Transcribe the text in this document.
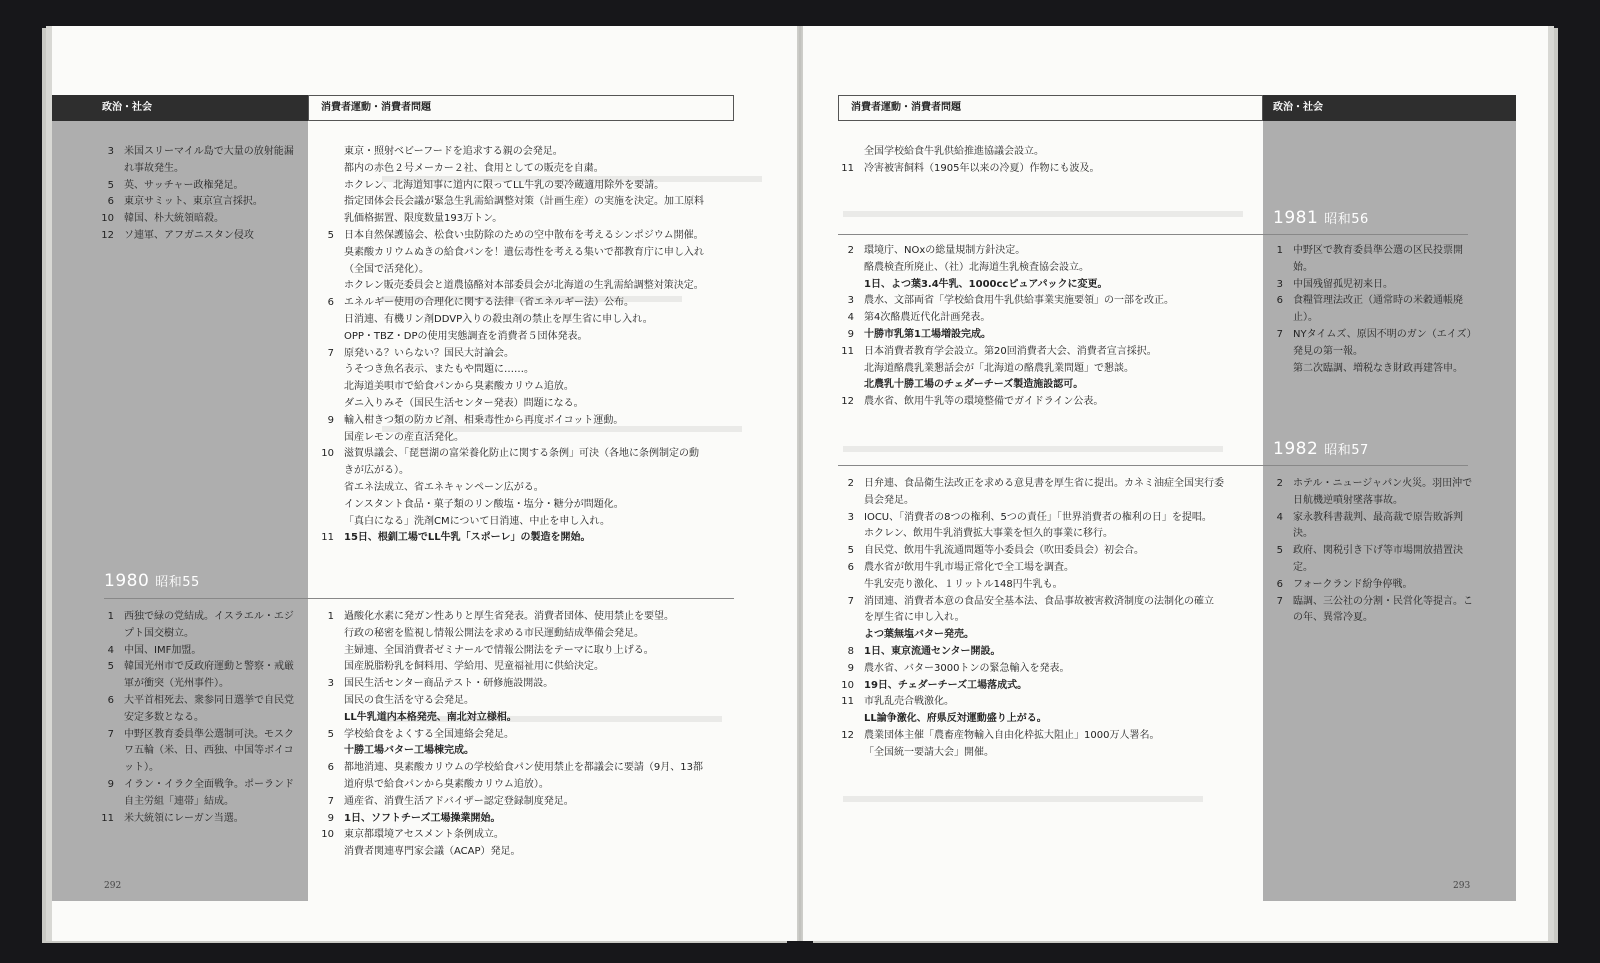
政治・社会	消費者運動・消費者問題
3	米国スリーマイル島で大量の放射能漏れ事故発生。
5	英、サッチャー政権発足。
6	東京サミット、東京宣言採択。
10	韓国、朴大統領暗殺。
12	ソ連軍、アフガニスタン侵攻
東京・照射ベビーフードを追求する親の会発足。
都内の赤色２号メーカー２社、食用としての販売を自粛。
ホクレン、北海道知事に道内に限ってLL牛乳の要冷蔵適用除外を要請。
指定団体会長会議が緊急生乳需給調整対策（計画生産）の実施を決定。加工原料
乳価格据置、限度数量193万トン。
5	日本自然保護協会、松食い虫防除のための空中散布を考えるシンポジウム開催。
臭素酸カリウムぬきの給食パンを！遺伝毒性を考える集いで都教育庁に申し入れ
（全国で活発化）。
ホクレン販売委員会と道農協酪対本部委員会が北海道の生乳需給調整対策決定。
6	エネルギー使用の合理化に関する法律（省エネルギー法）公布。
日消連、有機リン剤DDVP入りの殺虫剤の禁止を厚生省に申し入れ。
OPP・TBZ・DPの使用実態調査を消費者５団体発表。
7	原発いる？いらない？国民大討論会。
うそつき魚名表示、またもや問題に……。
北海道美唄市で給食パンから臭素酸カリウム追放。
ダニ入りみそ（国民生活センター発表）問題になる。
9	輸入柑きつ類の防カビ剤、相乗毒性から再度ボイコット運動。
国産レモンの産直活発化。
10	滋賀県議会、「琵琶湖の富栄養化防止に関する条例」可決（各地に条例制定の動
きが広がる）。
省エネ法成立、省エネキャンペーン広がる。
インスタント食品・菓子類のリン酸塩・塩分・糖分が問題化。
「真白になる」洗剤CMについて日消連、中止を申し入れ。
11	15日、根釧工場でLL牛乳「スポーレ」の製造を開始。
1980 昭和55
1	西独で緑の党結成。イスラエル・エジプト国交樹立。
4	中国、IMF加盟。
5	韓国光州市で反政府運動と警察・戒厳軍が衝突（光州事件）。
6	大平首相死去、衆参同日選挙で自民党安定多数となる。
7	中野区教育委員準公選制可決。モスクワ五輪（米、日、西独、中国等ボイコット）。
9	イラン・イラク全面戦争。ポーランド自主労組「連帯」結成。
11	米大統領にレーガン当選。
1	過酸化水素に発ガン性ありと厚生省発表。消費者団体、使用禁止を要望。
行政の秘密を監視し情報公開法を求める市民運動結成準備会発足。
主婦連、全国消費者ゼミナールで情報公開法をテーマに取り上げる。
国産脱脂粉乳を飼料用、学給用、児童福祉用に供給決定。
3	国民生活センター商品テスト・研修施設開設。
国民の食生活を守る会発足。
LL牛乳道内本格発売、南北対立様相。
5	学校給食をよくする全国連絡会発足。
十勝工場バター工場棟完成。
6	都地消連、臭素酸カリウムの学校給食パン使用禁止を都議会に要請（9月、13都
道府県で給食パンから臭素酸カリウム追放）。
7	通産省、消費生活アドバイザー認定登録制度発足。
9	1日、ソフトチーズ工場操業開始。
10	東京都環境アセスメント条例成立。
消費者関連専門家会議（ACAP）発足。
292
消費者運動・消費者問題	政治・社会
全国学校給食牛乳供給推進協議会設立。
11	冷害被害飼料（1905年以来の冷夏）作物にも波及。
1981 昭和56
2	環境庁、NOxの総量規制方針決定。
酪農検査所廃止、（社）北海道生乳検査協会設立。
1日、よつ葉3.4牛乳、1000ccピュアパックに変更。
3	農水、文部両省「学校給食用牛乳供給事業実施要領」の一部を改正。
4	第4次酪農近代化計画発表。
9	十勝市乳第1工場増設完成。
11	日本消費者教育学会設立。第20回消費者大会、消費者宣言採択。
北海道酪農乳業懇話会が「北海道の酪農乳業問題」で懇談。
北農乳十勝工場のチェダーチーズ製造施設認可。
12	農水省、飲用牛乳等の環境整備でガイドライン公表。
1	中野区で教育委員準公選の区民投票開始。
3	中国残留孤児初来日。
6	食糧管理法改正（通常時の米穀通帳廃止）。
7	NYタイムズ、原因不明のガン（エイズ）発見の第一報。
第二次臨調、増税なき財政再建答申。
1982 昭和57
2	日弁連、食品衛生法改正を求める意見書を厚生省に提出。カネミ油症全国実行委
員会発足。
3	IOCU、「消費者の8つの権利、5つの責任」「世界消費者の権利の日」を提唱。
ホクレン、飲用牛乳消費拡大事業を恒久的事業に移行。
5	自民党、飲用牛乳流通問題等小委員会（吹田委員会）初会合。
6	農水省が飲用牛乳市場正常化で全工場を調査。
牛乳安売り激化、１リットル148円牛乳も。
7	消団連、消費者本意の食品安全基本法、食品事故被害救済制度の法制化の確立
を厚生省に申し入れ。
よつ葉無塩バター発売。
8	1日、東京流通センター開設。
9	農水省、バター3000トンの緊急輸入を発表。
10	19日、チェダーチーズ工場落成式。
11	市乳乱売合戦激化。
LL論争激化、府県反対運動盛り上がる。
12	農業団体主催「農畜産物輸入自由化枠拡大阻止」1000万人署名。
「全国統一要請大会」開催。
2	ホテル・ニュージャパン火災。羽田沖で日航機逆噴射墜落事故。
4	家永教科書裁判、最高裁で原告敗訴判決。
5	政府、関税引き下げ等市場開放措置決定。
6	フォークランド紛争停戦。
7	臨調、三公社の分割・民営化等提言。この年、異常冷夏。
293
